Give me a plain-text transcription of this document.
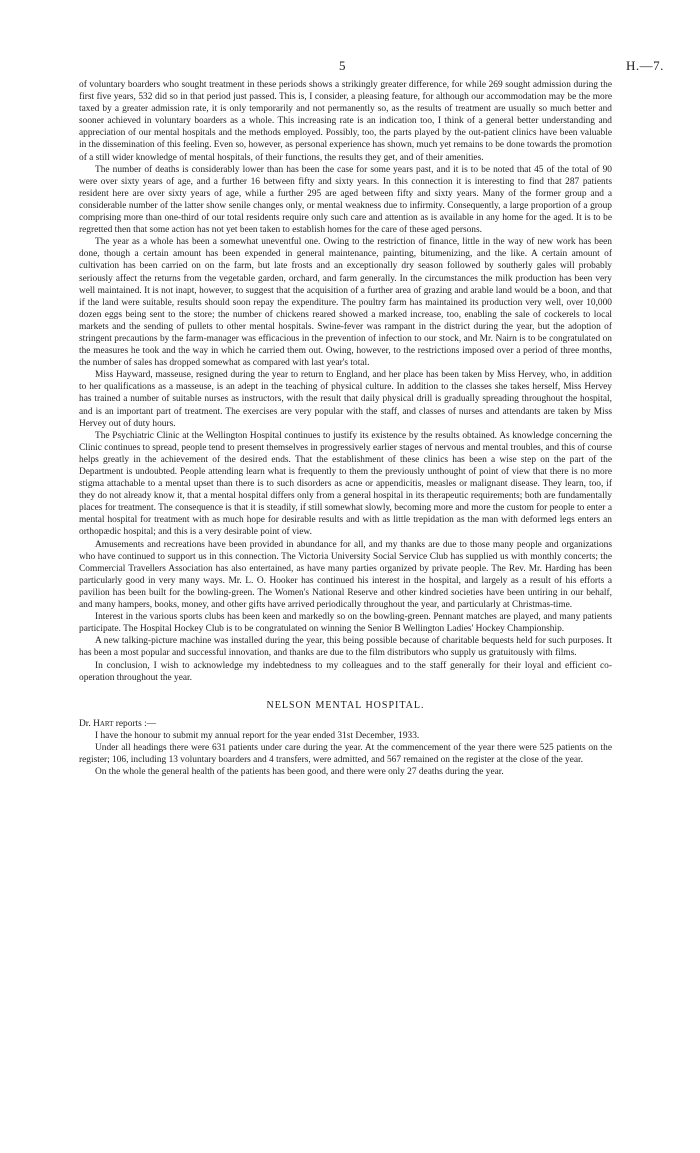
5	H.—7.

of voluntary boarders who sought treatment in these periods shows a strikingly greater difference, for while 269 sought admission during the first five years, 532 did so in that period just passed. This is, I consider, a pleasing feature, for although our accommodation may be the more taxed by a greater admission rate, it is only temporarily and not permanently so, as the results of treatment are usually so much better and sooner achieved in voluntary boarders as a whole. This increasing rate is an indication too, I think of a general better understanding and appreciation of our mental hospitals and the methods employed. Possibly, too, the parts played by the out-patient clinics have been valuable in the dissemination of this feeling. Even so, however, as personal experience has shown, much yet remains to be done towards the promotion of a still wider knowledge of mental hospitals, of their functions, the results they get, and of their amenities.

The number of deaths is considerably lower than has been the case for some years past, and it is to be noted that 45 of the total of 90 were over sixty years of age, and a further 16 between fifty and sixty years. In this connection it is interesting to find that 287 patients resident here are over sixty years of age, while a further 295 are aged between fifty and sixty years. Many of the former group and a considerable number of the latter show senile changes only, or mental weakness due to infirmity. Consequently, a large proportion of a group comprising more than one-third of our total residents require only such care and attention as is available in any home for the aged. It is to be regretted then that some action has not yet been taken to establish homes for the care of these aged persons.

The year as a whole has been a somewhat uneventful one. Owing to the restriction of finance, little in the way of new work has been done, though a certain amount has been expended in general maintenance, painting, bitumenizing, and the like. A certain amount of cultivation has been carried on on the farm, but late frosts and an exceptionally dry season followed by southerly gales will probably seriously affect the returns from the vegetable garden, orchard, and farm generally. In the circumstances the milk production has been very well maintained. It is not inapt, however, to suggest that the acquisition of a further area of grazing and arable land would be a boon, and that if the land were suitable, results should soon repay the expenditure. The poultry farm has maintained its production very well, over 10,000 dozen eggs being sent to the store; the number of chickens reared showed a marked increase, too, enabling the sale of cockerels to local markets and the sending of pullets to other mental hospitals. Swine-fever was rampant in the district during the year, but the adoption of stringent precautions by the farm-manager was efficacious in the prevention of infection to our stock, and Mr. Nairn is to be congratulated on the measures he took and the way in which he carried them out. Owing, however, to the restrictions imposed over a period of three months, the number of sales has dropped somewhat as compared with last year's total.

Miss Hayward, masseuse, resigned during the year to return to England, and her place has been taken by Miss Hervey, who, in addition to her qualifications as a masseuse, is an adept in the teaching of physical culture. In addition to the classes she takes herself, Miss Hervey has trained a number of suitable nurses as instructors, with the result that daily physical drill is gradually spreading throughout the hospital, and is an important part of treatment. The exercises are very popular with the staff, and classes of nurses and attendants are taken by Miss Hervey out of duty hours.

The Psychiatric Clinic at the Wellington Hospital continues to justify its existence by the results obtained. As knowledge concerning the Clinic continues to spread, people tend to present themselves in progressively earlier stages of nervous and mental troubles, and this of course helps greatly in the achievement of the desired ends. That the establishment of these clinics has been a wise step on the part of the Department is undoubted. People attending learn what is frequently to them the previously unthought of point of view that there is no more stigma attachable to a mental upset than there is to such disorders as acne or appendicitis, measles or malignant disease. They learn, too, if they do not already know it, that a mental hospital differs only from a general hospital in its therapeutic requirements; both are fundamentally places for treatment. The consequence is that it is steadily, if still somewhat slowly, becoming more and more the custom for people to enter a mental hospital for treatment with as much hope for desirable results and with as little trepidation as the man with deformed legs enters an orthopædic hospital; and this is a very desirable point of view.

Amusements and recreations have been provided in abundance for all, and my thanks are due to those many people and organizations who have continued to support us in this connection. The Victoria University Social Service Club has supplied us with monthly concerts; the Commercial Travellers Association has also entertained, as have many parties organized by private people. The Rev. Mr. Harding has been particularly good in very many ways. Mr. L. O. Hooker has continued his interest in the hospital, and largely as a result of his efforts a pavilion has been built for the bowling-green. The Women's National Reserve and other kindred societies have been untiring in our behalf, and many hampers, books, money, and other gifts have arrived periodically throughout the year, and particularly at Christmas-time.

Interest in the various sports clubs has been keen and markedly so on the bowling-green. Pennant matches are played, and many patients participate. The Hospital Hockey Club is to be congratulated on winning the Senior B Wellington Ladies' Hockey Championship.

A new talking-picture machine was installed during the year, this being possible because of charitable bequests held for such purposes. It has been a most popular and successful innovation, and thanks are due to the film distributors who supply us gratuitously with films.

In conclusion, I wish to acknowledge my indebtedness to my colleagues and to the staff generally for their loyal and efficient co-operation throughout the year.

NELSON MENTAL HOSPITAL.
Dr. Hart reports :—

I have the honour to submit my annual report for the year ended 31st December, 1933.

Under all headings there were 631 patients under care during the year. At the commencement of the year there were 525 patients on the register; 106, including 13 voluntary boarders and 4 transfers, were admitted, and 567 remained on the register at the close of the year.

On the whole the general health of the patients has been good, and there were only 27 deaths during the year.
